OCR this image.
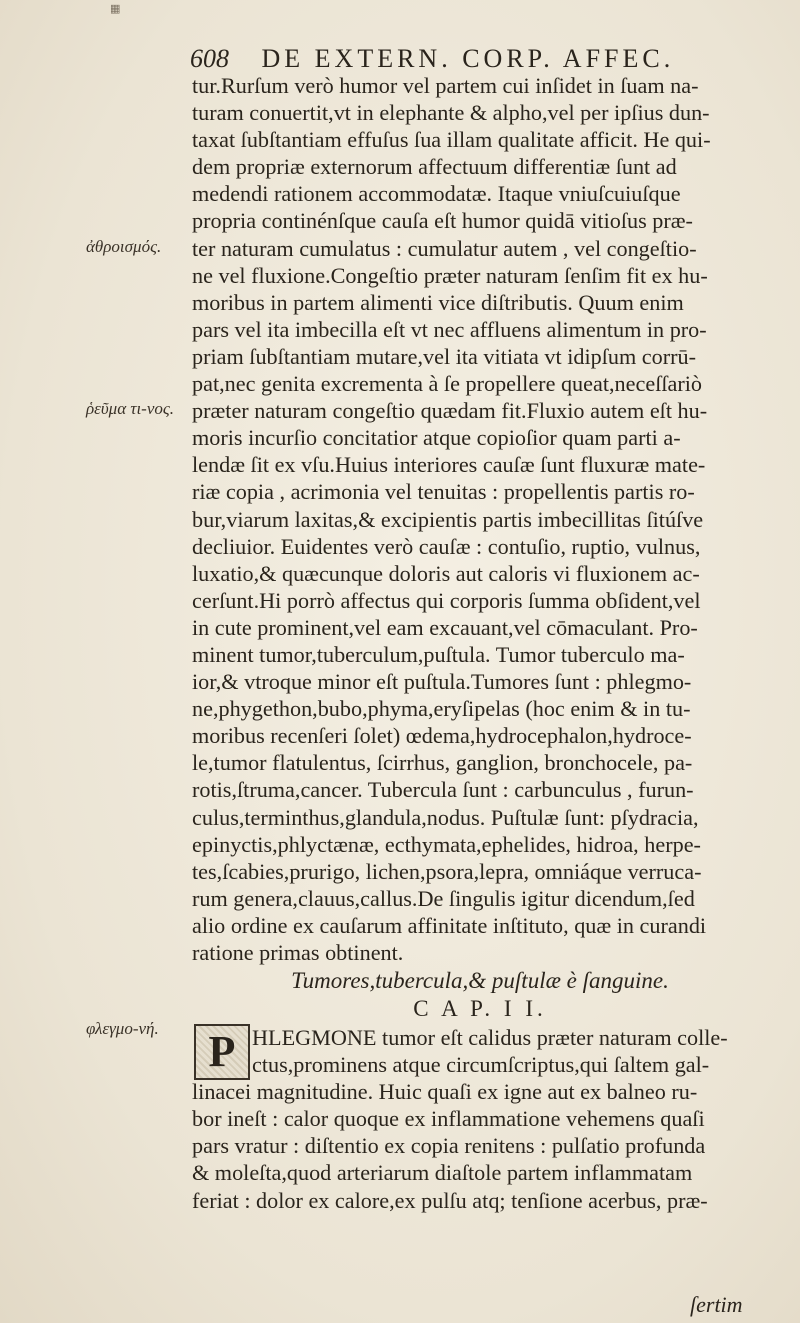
▦
608 DE EXTERN. CORP. AFFEC.
ἀθροισμός.
ῥεῦμα τι-νος.
φλεγμο-νή.
tur.Rurſum verò humor vel partem cui inſidet in ſuam na-
turam conuertit,vt in elephante & alpho,vel per ipſius dun-
taxat ſubſtantiam effuſus ſua illam qualitate afficit. He qui-
dem propriæ externorum affectuum differentiæ ſunt ad
medendi rationem accommodatæ. Itaque vniuſcuiuſque
propria continénſque cauſa eſt humor quidā vitioſus præ-
ter naturam cumulatus : cumulatur autem , vel congeſtio-
ne vel fluxione.Congeſtio præter naturam ſenſim fit ex hu-
moribus in partem alimenti vice diſtributis. Quum enim
pars vel ita imbecilla eſt vt nec affluens alimentum in pro-
priam ſubſtantiam mutare,vel ita vitiata vt idipſum corrū-
pat,nec genita excrementa à ſe propellere queat,neceſſariò
præter naturam congeſtio quædam fit.Fluxio autem eſt hu-
moris incurſio concitatior atque copioſior quam parti a-
lendæ ſit ex vſu.Huius interiores cauſæ ſunt fluxuræ mate-
riæ copia , acrimonia vel tenuitas : propellentis partis ro-
bur,viarum laxitas,& excipientis partis imbecillitas ſitúſve
decliuior. Euidentes verò cauſæ : contuſio, ruptio, vulnus,
luxatio,& quæcunque doloris aut caloris vi fluxionem ac-
cerſunt.Hi porrò affectus qui corporis ſumma obſident,vel
in cute prominent,vel eam excauant,vel cōmaculant. Pro-
minent tumor,tuberculum,puſtula. Tumor tuberculo ma-
ior,& vtroque minor eſt puſtula.Tumores ſunt : phlegmo-
ne,phygethon,bubo,phyma,eryſipelas (hoc enim & in tu-
moribus recenſeri ſolet) œdema,hydrocephalon,hydroce-
le,tumor flatulentus, ſcirrhus, ganglion, bronchocele, pa-
rotis,ſtruma,cancer. Tubercula ſunt : carbunculus , furun-
culus,terminthus,glandula,nodus. Puſtulæ ſunt: pſydracia,
epinyctis,phlyctænæ, ecthymata,ephelides, hidroa, herpe-
tes,ſcabies,prurigo, lichen,psora,lepra, omniáque verruca-
rum genera,clauus,callus.De ſingulis igitur dicendum,ſed
alio ordine ex cauſarum affinitate inſtituto, quæ in curandi
ratione primas obtinent.
Tumores,tubercula,& puſtulæ è ſanguine.
C A P. I I.
P HLEGMONE tumor eſt calidus præter naturam colle-
ctus,prominens atque circumſcriptus,qui ſaltem gal-
linacei magnitudine. Huic quaſi ex igne aut ex balneo ru-
bor ineſt : calor quoque ex inflammatione vehemens quaſi
pars vratur : diſtentio ex copia renitens : pulſatio profunda
& moleſta,quod arteriarum diaſtole partem inflammatam
feriat : dolor ex calore,ex pulſu atq; tenſione acerbus, præ-
ſertim
